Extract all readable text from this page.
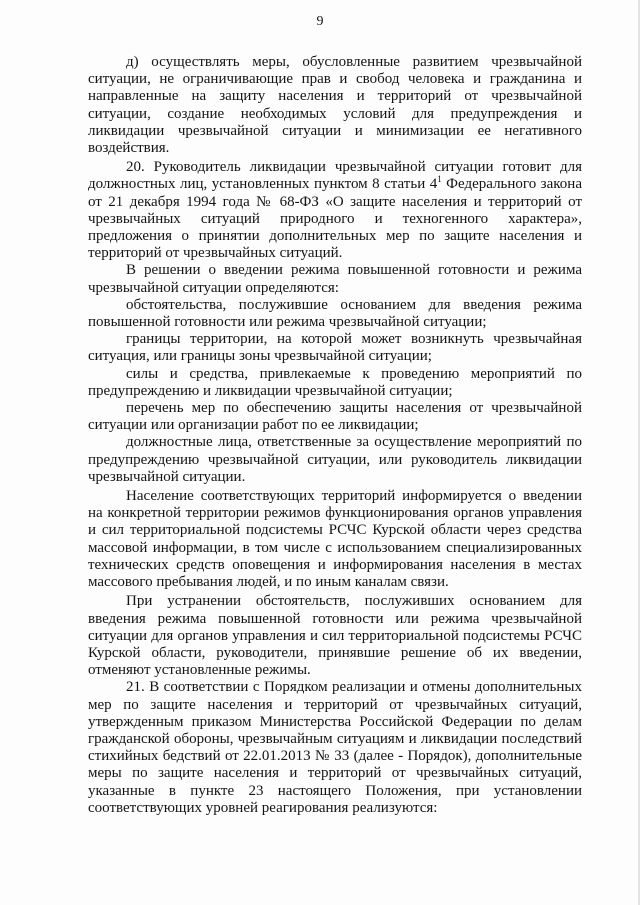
9

д) осуществлять меры, обусловленные развитием чрезвычайной ситуации, не ограничивающие прав и свобод человека и гражданина и направленные на защиту населения и территорий от чрезвычайной ситуации, создание необходимых условий для предупреждения и ликвидации чрезвычайной ситуации и минимизации ее негативного воздействия.

20. Руководитель ликвидации чрезвычайной ситуации готовит для должностных лиц, установленных пунктом 8 статьи $4^1$ Федерального закона от 21 декабря 1994 года № 68-ФЗ «О защите населения и территорий от чрезвычайных ситуаций природного и техногенного характера», предложения о принятии дополнительных мер по защите населения и территорий от чрезвычайных ситуаций.

В решении о введении режима повышенной готовности и режима чрезвычайной ситуации определяются:

обстоятельства, послужившие основанием для введения режима повышенной готовности или режима чрезвычайной ситуации;

границы территории, на которой может возникнуть чрезвычайная ситуация, или границы зоны чрезвычайной ситуации;

силы и средства, привлекаемые к проведению мероприятий по предупреждению и ликвидации чрезвычайной ситуации;

перечень мер по обеспечению защиты населения от чрезвычайной ситуации или организации работ по ее ликвидации;

должностные лица, ответственные за осуществление мероприятий по предупреждению чрезвычайной ситуации, или руководитель ликвидации чрезвычайной ситуации.

Население соответствующих территорий информируется о введении на конкретной территории режимов функционирования органов управления и сил территориальной подсистемы РСЧС Курской области через средства массовой информации, в том числе с использованием специализированных технических средств оповещения и информирования населения в местах массового пребывания людей, и по иным каналам связи.

При устранении обстоятельств, послуживших основанием для введения режима повышенной готовности или режима чрезвычайной ситуации для органов управления и сил территориальной подсистемы РСЧС Курской области, руководители, принявшие решение об их введении, отменяют установленные режимы.

21. В соответствии с Порядком реализации и отмены дополнительных мер по защите населения и территорий от чрезвычайных ситуаций, утвержденным приказом Министерства Российской Федерации по делам гражданской обороны, чрезвычайным ситуациям и ликвидации последствий стихийных бедствий от 22.01.2013 № 33 (далее - Порядок), дополнительные меры по защите населения и территорий от чрезвычайных ситуаций, указанные в пункте 23 настоящего Положения, при установлении соответствующих уровней реагирования реализуются:
